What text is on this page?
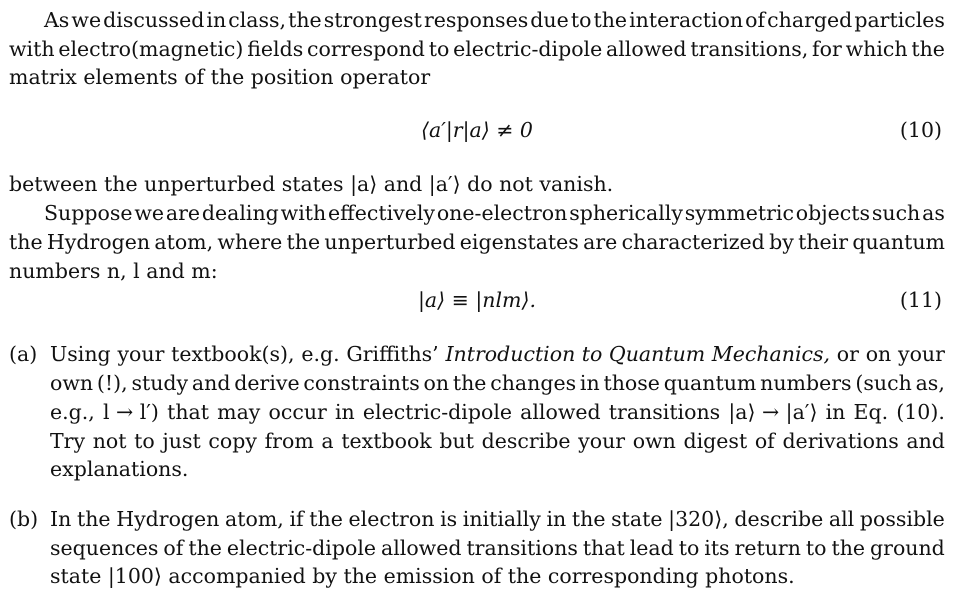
As we discussed in class, the strongest responses due to the interaction of charged particles
with electro(magnetic) fields correspond to electric-dipole allowed transitions, for which the
matrix elements of the position operator
⟨a′|r|a⟩ ≠ 0	(10)
between the unperturbed states |a⟩ and |a′⟩ do not vanish.
Suppose we are dealing with effectively one-electron spherically symmetric objects such as
the Hydrogen atom, where the unperturbed eigenstates are characterized by their quantum
numbers n, l and m:
|a⟩ ≡ |nlm⟩.	(11)
(a) Using your textbook(s), e.g. Griffiths’ Introduction to Quantum Mechanics, or on your
own (!), study and derive constraints on the changes in those quantum numbers (such as,
e.g., l → l′) that may occur in electric-dipole allowed transitions |a⟩ → |a′⟩ in Eq. (10).
Try not to just copy from a textbook but describe your own digest of derivations and
explanations.
(b) In the Hydrogen atom, if the electron is initially in the state |320⟩, describe all possible
sequences of the electric-dipole allowed transitions that lead to its return to the ground
state |100⟩ accompanied by the emission of the corresponding photons.
